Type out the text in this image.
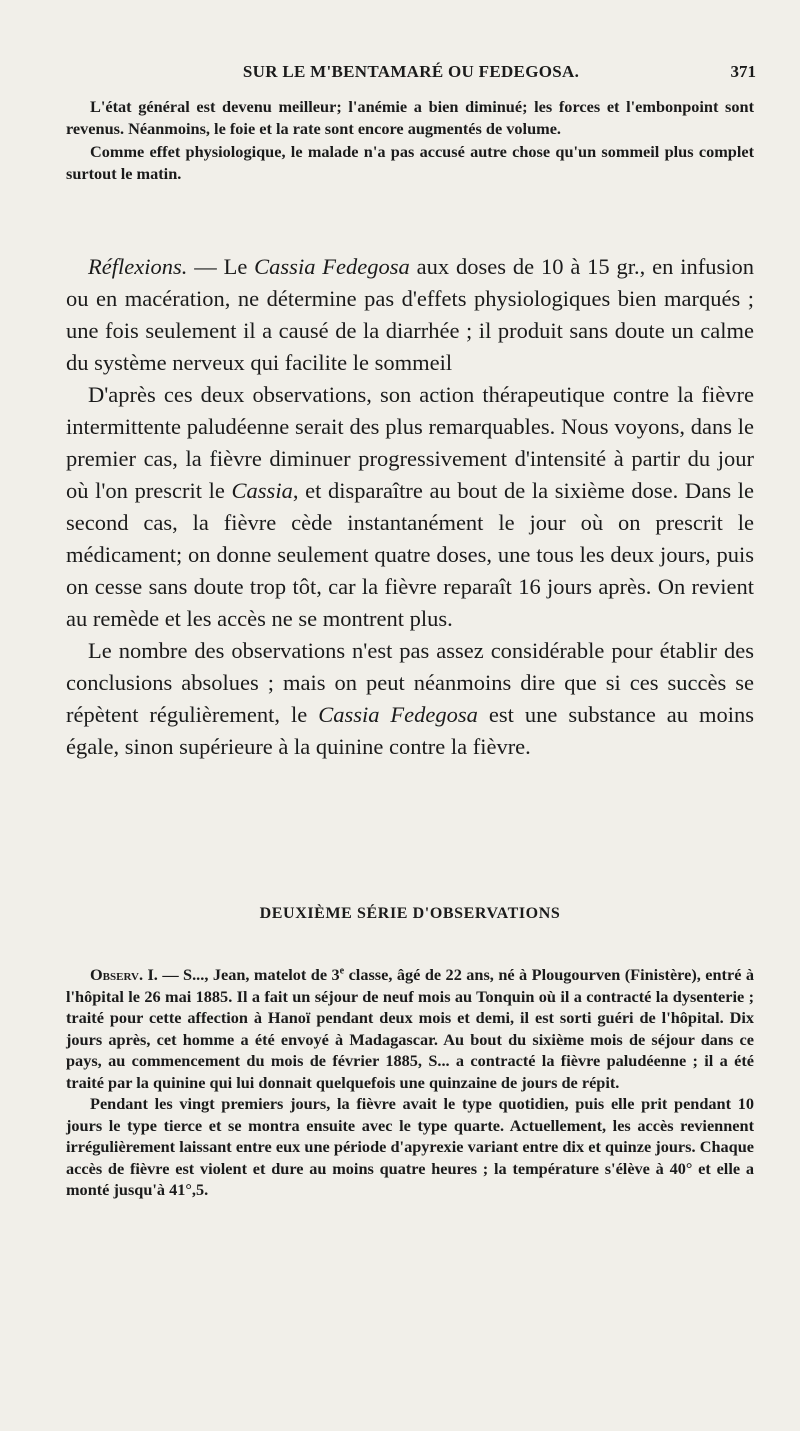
SUR LE M'BENTAMARÉ OU FEDEGOSA.	371

L'état général est devenu meilleur; l'anémie a bien diminué; les forces et l'embonpoint sont revenus. Néanmoins, le foie et la rate sont encore augmentés de volume.

Comme effet physiologique, le malade n'a pas accusé autre chose qu'un sommeil plus complet surtout le matin.

Réflexions. — Le Cassia Fedegosa aux doses de 10 à 15 gr., en infusion ou en macération, ne détermine pas d'effets physiologiques bien marqués ; une fois seulement il a causé de la diarrhée ; il produit sans doute un calme du système nerveux qui facilite le sommeil

D'après ces deux observations, son action thérapeutique contre la fièvre intermittente paludéenne serait des plus remarquables. Nous voyons, dans le premier cas, la fièvre diminuer progressivement d'intensité à partir du jour où l'on prescrit le Cassia, et disparaître au bout de la sixième dose. Dans le second cas, la fièvre cède instantanément le jour où on prescrit le médicament; on donne seulement quatre doses, une tous les deux jours, puis on cesse sans doute trop tôt, car la fièvre reparaît 16 jours après. On revient au remède et les accès ne se montrent plus.

Le nombre des observations n'est pas assez considérable pour établir des conclusions absolues ; mais on peut néanmoins dire que si ces succès se répètent régulièrement, le Cassia Fedegosa est une substance au moins égale, sinon supérieure à la quinine contre la fièvre.

DEUXIÈME SÉRIE D'OBSERVATIONS

Observ. I. — S..., Jean, matelot de 3e classe, âgé de 22 ans, né à Plougourven (Finistère), entré à l'hôpital le 26 mai 1885. Il a fait un séjour de neuf mois au Tonquin où il a contracté la dysenterie ; traité pour cette affection à Hanoï pendant deux mois et demi, il est sorti guéri de l'hôpital. Dix jours après, cet homme a été envoyé à Madagascar. Au bout du sixième mois de séjour dans ce pays, au commencement du mois de février 1885, S... a contracté la fièvre paludéenne ; il a été traité par la quinine qui lui donnait quelquefois une quinzaine de jours de répit.

Pendant les vingt premiers jours, la fièvre avait le type quotidien, puis elle prit pendant 10 jours le type tierce et se montra ensuite avec le type quarte. Actuellement, les accès reviennent irrégulièrement laissant entre eux une période d'apyrexie variant entre dix et quinze jours. Chaque accès de fièvre est violent et dure au moins quatre heures ; la température s'élève à 40° et elle a monté jusqu'à 41°,5.
